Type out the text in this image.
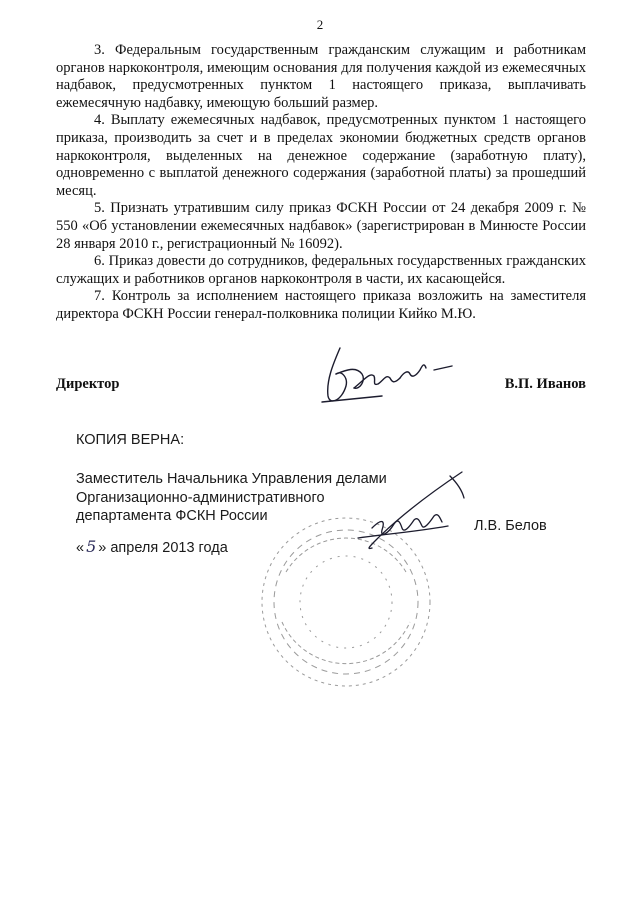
2

3. Федеральным государственным гражданским служащим и работникам органов наркоконтроля, имеющим основания для получения каждой из ежемесячных надбавок, предусмотренных пунктом 1 настоящего приказа, выплачивать ежемесячную надбавку, имеющую больший размер.

4. Выплату ежемесячных надбавок, предусмотренных пунктом 1 настоящего приказа, производить за счет и в пределах экономии бюджетных средств органов наркоконтроля, выделенных на денежное содержание (заработную плату), одновременно с выплатой денежного содержания (заработной платы) за прошедший месяц.

5. Признать утратившим силу приказ ФСКН России от 24 декабря 2009 г. № 550 «Об установлении ежемесячных надбавок» (зарегистрирован в Минюсте России 28 января 2010 г., регистрационный № 16092).

6. Приказ довести до сотрудников, федеральных государственных гражданских служащих и работников органов наркоконтроля в части, их касающейся.

7. Контроль за исполнением настоящего приказа возложить на заместителя директора ФСКН России генерал-полковника полиции Кийко М.Ю.

Директор	В.П. Иванов
КОПИЯ ВЕРНА:
Заместитель Начальника Управления делами
Организационно-административного
департамента ФСКН России
Л.В. Белов
« 5 » апреля 2013 года
